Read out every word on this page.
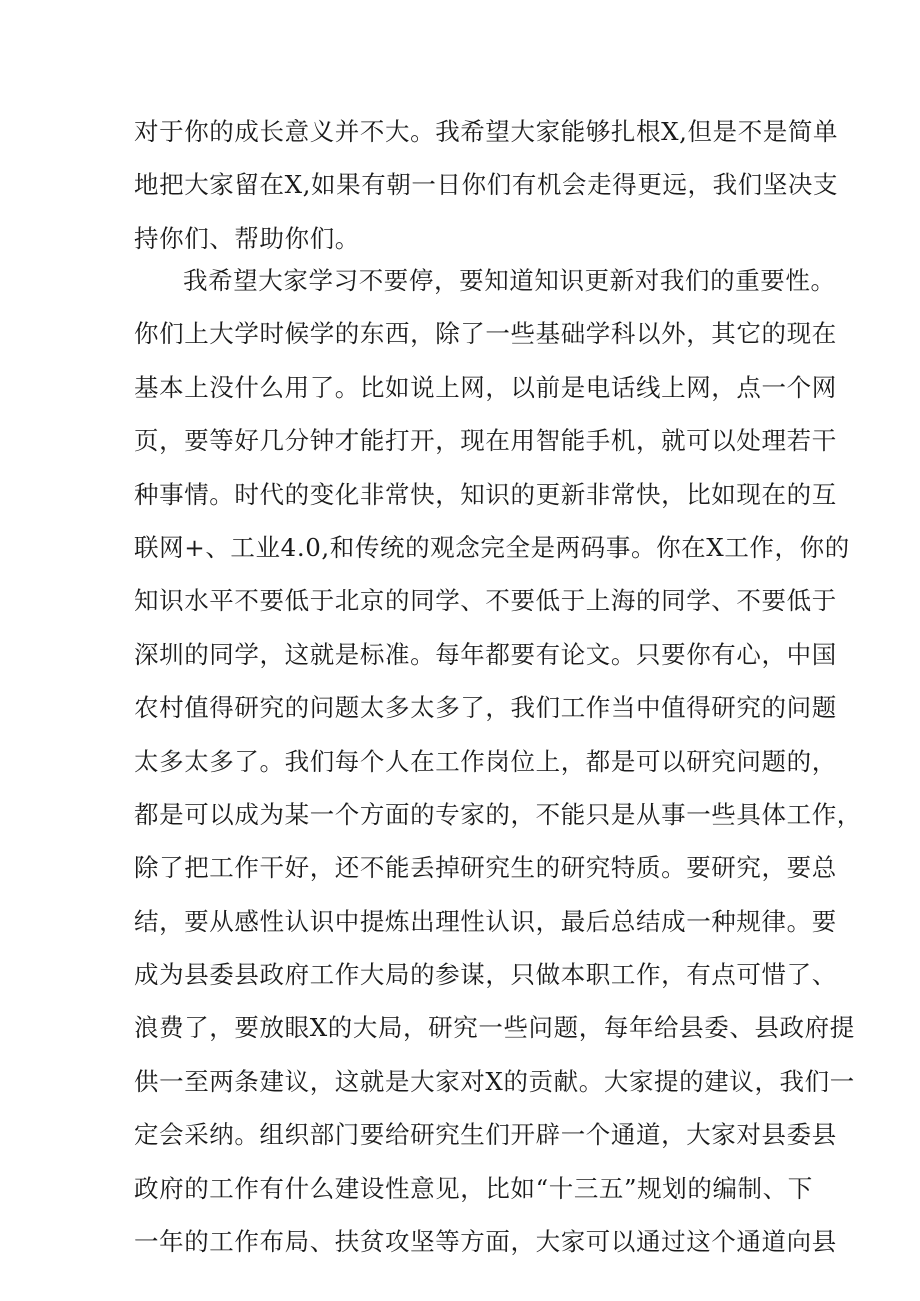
对于你的成长意义并不大。我希望大家能够扎根X,但是不是简单
地把大家留在X,如果有朝一日你们有机会走得更远，我们坚决支
持你们、帮助你们。
我希望大家学习不要停，要知道知识更新对我们的重要性。
你们上大学时候学的东西，除了一些基础学科以外，其它的现在
基本上没什么用了。比如说上网，以前是电话线上网，点一个网
页，要等好几分钟才能打开，现在用智能手机，就可以处理若干
种事情。时代的变化非常快，知识的更新非常快，比如现在的互
联网+、工业4.0,和传统的观念完全是两码事。你在X工作，你的
知识水平不要低于北京的同学、不要低于上海的同学、不要低于
深圳的同学，这就是标准。每年都要有论文。只要你有心，中国
农村值得研究的问题太多太多了，我们工作当中值得研究的问题
太多太多了。我们每个人在工作岗位上，都是可以研究问题的，
都是可以成为某一个方面的专家的，不能只是从事一些具体工作，
除了把工作干好，还不能丢掉研究生的研究特质。要研究，要总
结，要从感性认识中提炼出理性认识，最后总结成一种规律。要
成为县委县政府工作大局的参谋，只做本职工作，有点可惜了、
浪费了，要放眼X的大局，研究一些问题，每年给县委、县政府提
供一至两条建议，这就是大家对X的贡献。大家提的建议，我们一
定会采纳。组织部门要给研究生们开辟一个通道，大家对县委县
政府的工作有什么建设性意见，比如“十三五”规划的编制、下
一年的工作布局、扶贫攻坚等方面，大家可以通过这个通道向县
